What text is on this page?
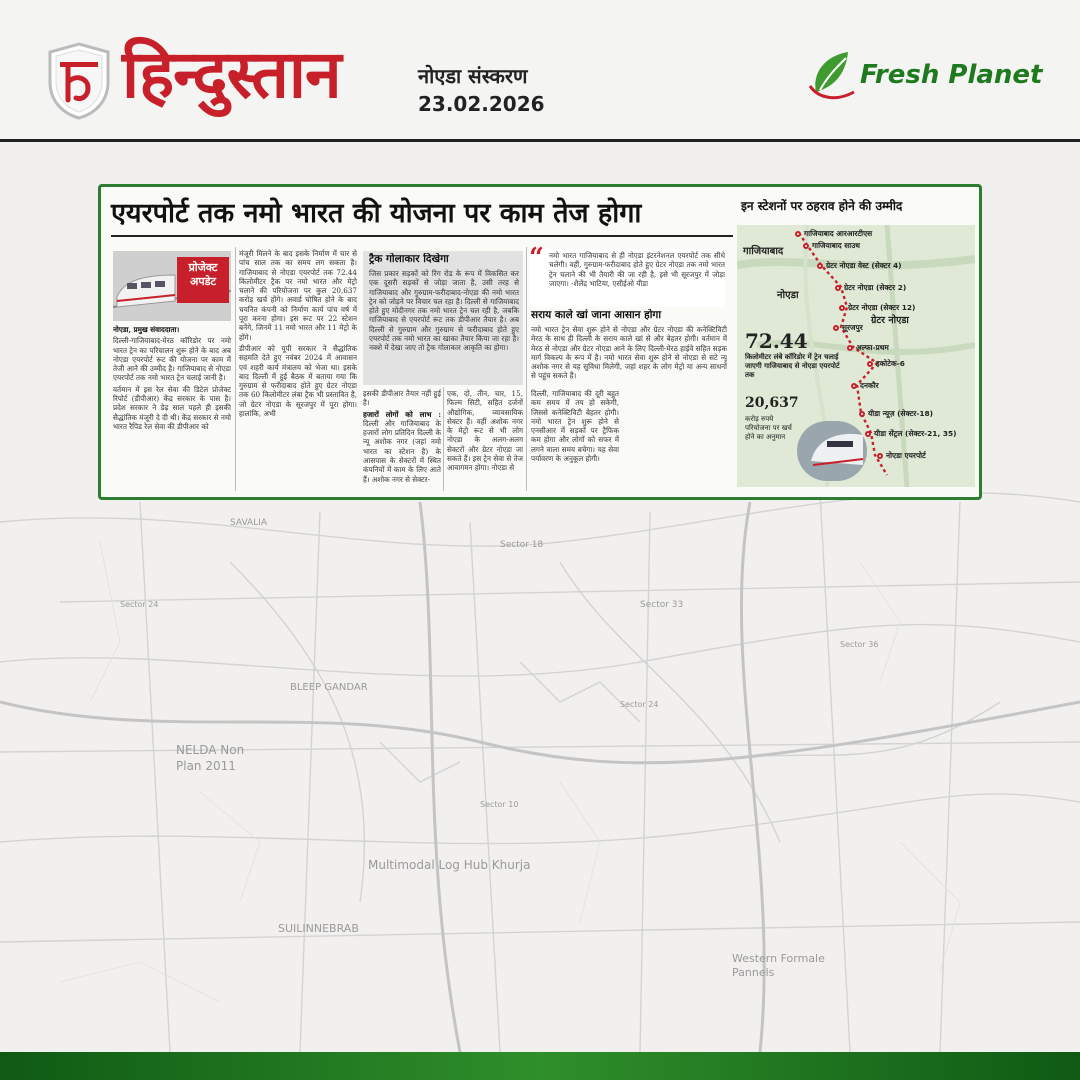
हिन्दुस्तान	नोएडा संस्करण
23.02.2026
Fresh Planet
SAVALIA
Sector 18
Sector 33
BLEEP GANDAR
NELDA Non Plan 2011
Multimodal Log Hub Khurja
SUILINNEBRAB
Western Formale Pannels
Sector 24
Sector 36
Sector 10
Sector 24
एयरपोर्ट तक नमो भारत की योजना पर काम तेज होगा
प्रोजेक्ट
अपडेट

नोएडा, प्रमुख संवाददाता।

दिल्ली-गाजियाबाद-मेरठ कॉरिडोर पर नमो भारत ट्रेन का परिचालन शुरू होने के बाद अब नोएडा एयरपोर्ट रूट की योजना पर काम में तेजी आने की उम्मीद है। गाजियाबाद से नोएडा एयरपोर्ट तक नमो भारत ट्रेन चलाई जानी है।

वर्तमान में इस रेल सेवा की डिटेल प्रोजेक्ट रिपोर्ट (डीपीआर) केंद्र सरकार के पास है। प्रदेश सरकार ने डेढ़ साल पहले ही इसकी सैद्धांतिक मंजूरी दे दी थी। केंद्र सरकार से नमो भारत रैपिड रेल सेवा की डीपीआर को

मंजूरी मिलने के बाद इसके निर्माण में चार से पांच साल तक का समय लग सकता है। गाजियाबाद से नोएडा एयरपोर्ट तक 72.44 किलोमीटर ट्रैक पर नमो भारत और मेट्रो चलाने की परियोजना पर कुल 20,637 करोड़ खर्च होंगे। अवार्ड घोषित होने के बाद चयनित कंपनी को निर्माण कार्य पांच वर्ष में पूरा करना होगा। इस रूट पर 22 स्टेशन बनेंगे, जिनमें 11 नमो भारत और 11 मेट्रो के होंगे।

डीपीआर को यूपी सरकार ने सैद्धांतिक सहमति देते हुए नवंबर 2024 में आवासन एवं शहरी कार्य मंत्रालय को भेजा था। इसके बाद दिल्ली में हुई बैठक में बताया गया कि गुरुग्राम से फरीदाबाद होते हुए ग्रेटर नोएडा तक 60 किलोमीटर लंबा ट्रैक भी प्रस्तावित है, जो ग्रेटर नोएडा के सूरजपुर में पूरा होगा। हालांकि, अभी

ट्रैक गोलाकार दिखेगा

जिस प्रकार सड़कों को रिंग रोड के रूप में विकसित कर एक दूसरी सड़कों से जोड़ा जाता है, उसी तरह से गाजियाबाद और गुरुग्राम-फरीदाबाद-नोएडा की नमो भारत ट्रेन को जोड़ने पर विचार चल रहा है। दिल्ली से गाजियाबाद होते हुए मोदीनगर तक नमो भारत ट्रेन चल रही है, जबकि गाजियाबाद से एयरपोर्ट रूट तक डीपीआर तैयार है। अब दिल्ली से गुरुग्राम और गुरुग्राम से फरीदाबाद होते हुए एयरपोर्ट तक नमो भारत का खाका तैयार किया जा रहा है। नक्शे में देखा जाए तो ट्रैक गोलाकार आकृति का होगा।

इसकी डीपीआर तैयार नहीं हुई है।

हजारों लोगों को लाभ : दिल्ली और गाजियाबाद के हजारों लोग प्रतिदिन दिल्ली के न्यू अशोक नगर (जहां नमो भारत का स्टेशन है) के आसपास के सेक्टरों में स्थित कंपनियों में काम के लिए आते हैं। अशोक नगर से सेक्टर-

एक, दो, तीन, चार, 15, फिल्म सिटी, सहित दर्जनों औद्योगिक, व्यावसायिक सेक्टर हैं। वहीं अशोक नगर के मेट्रो रूट से भी लोग नोएडा के अलग-अलग सेक्टरों और ग्रेटर नोएडा जा सकते हैं। इस ट्रेन सेवा से तेज आवागमन होगा। नोएडा से

“ नमो भारत गाजियाबाद से ही नोएडा इंटरनेशनल एयरपोर्ट तक सीधे चलेगी। वहीं, गुरुग्राम-फरीदाबाद होते हुए ग्रेटर नोएडा तक नमो भारत ट्रेन चलाने की भी तैयारी की जा रही है, इसे भी सूरजपुर में जोड़ा जाएगा। -शैलेंद्र भाटिया, एसीईओ यीडा

सराय काले खां जाना आसान होगा

नमो भारत ट्रेन सेवा शुरू होने से नोएडा और ग्रेटर नोएडा की कनेक्टिविटी मेरठ के साथ ही दिल्ली के सराय काले खां से और बेहतर होगी। वर्तमान में मेरठ से नोएडा और ग्रेटर नोएडा आने के लिए दिल्ली-मेरठ हाईवे सहित सड़क मार्ग विकल्प के रूप में है। नमो भारत सेवा शुरू होने से नोएडा से सटे न्यू अशोक नगर से यह सुविधा मिलेगी, जहां शहर के लोग मेट्रो या अन्य साधनों से पहुंच सकते हैं।

दिल्ली, गाजियाबाद की दूरी बहुत कम समय में तय हो सकेगी, जिससे कनेक्टिविटी बेहतर होगी। नमो भारत ट्रेन शुरू होने से एनसीआर में सड़कों पर ट्रैफिक कम होगा और लोगों को सफर में लगने वाला समय बचेगा। यह सेवा पर्यावरण के अनुकूल होगी।

इन स्टेशनों पर ठहराव होने की उम्मीद
गाजियाबाद
नोएडा
ग्रेटर नोएडा
72.44
किलोमीटर लंबे कॉरिडोर में ट्रेन चलाई जाएगी गाजियाबाद से नोएडा एयरपोर्ट तक
20,637
करोड़ रुपये परियोजना पर खर्च होने का अनुमान
गाजियाबाद आरआरटीएस
गाजियाबाद साउथ
ग्रेटर नोएडा वेस्ट (सेक्टर 4)
ग्रेटर नोएडा (सेक्टर 2)
ग्रेटर नोएडा (सेक्टर 12)
सूरजपुर
अल्फा-प्रथम
इकोटेक-6
दनकौर
यीडा न्यूज़ (सेक्टर-18)
यीडा सेंट्रल (सेक्टर-21, 35)
नोएडा एयरपोर्ट
